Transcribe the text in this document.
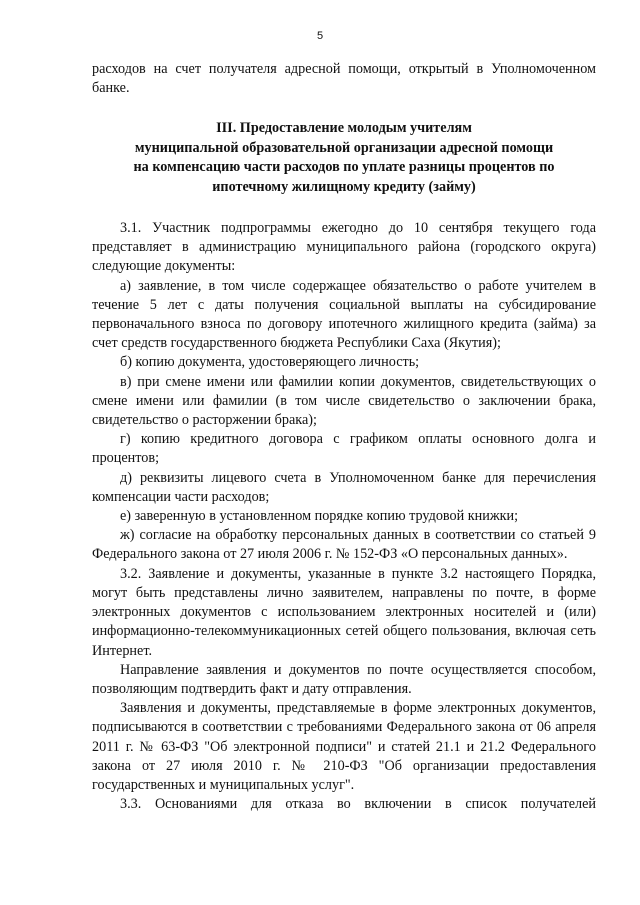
5

расходов на счет получателя адресной помощи, открытый в Уполномоченном банке.

III. Предоставление молодым учителям
муниципальной образовательной организации адресной помощи
на компенсацию части расходов по уплате разницы процентов по
ипотечному жилищному кредиту (займу)

3.1. Участник подпрограммы ежегодно до 10 сентября текущего года представляет в администрацию муниципального района (городского округа) следующие документы:

а) заявление, в том числе содержащее обязательство о работе учителем в течение 5 лет с даты получения социальной выплаты на субсидирование первоначального взноса по договору ипотечного жилищного кредита (займа) за счет средств государственного бюджета Республики Саха (Якутия);

б) копию документа, удостоверяющего личность;

в) при смене имени или фамилии копии документов, свидетельствующих о смене имени или фамилии (в том числе свидетельство о заключении брака, свидетельство о расторжении брака);

г) копию кредитного договора с графиком оплаты основного долга и процентов;

д) реквизиты лицевого счета в Уполномоченном банке для перечисления компенсации части расходов;

е) заверенную в установленном порядке копию трудовой книжки;

ж) согласие на обработку персональных данных в соответствии со статьей 9 Федерального закона от 27 июля 2006 г. № 152-ФЗ «О персональных данных».

3.2. Заявление и документы, указанные в пункте 3.2 настоящего Порядка, могут быть представлены лично заявителем, направлены по почте, в форме электронных документов с использованием электронных носителей и (или) информационно-телекоммуникационных сетей общего пользования, включая сеть Интернет.

Направление заявления и документов по почте осуществляется способом, позволяющим подтвердить факт и дату отправления.

Заявления и документы, представляемые в форме электронных документов, подписываются в соответствии с требованиями Федерального закона от 06 апреля 2011 г. № 63-ФЗ "Об электронной подписи" и статей 21.1 и 21.2 Федерального закона от 27 июля 2010 г. № 210-ФЗ "Об организации предоставления государственных и муниципальных услуг".

3.3. Основаниями для отказа во включении в список получателей
